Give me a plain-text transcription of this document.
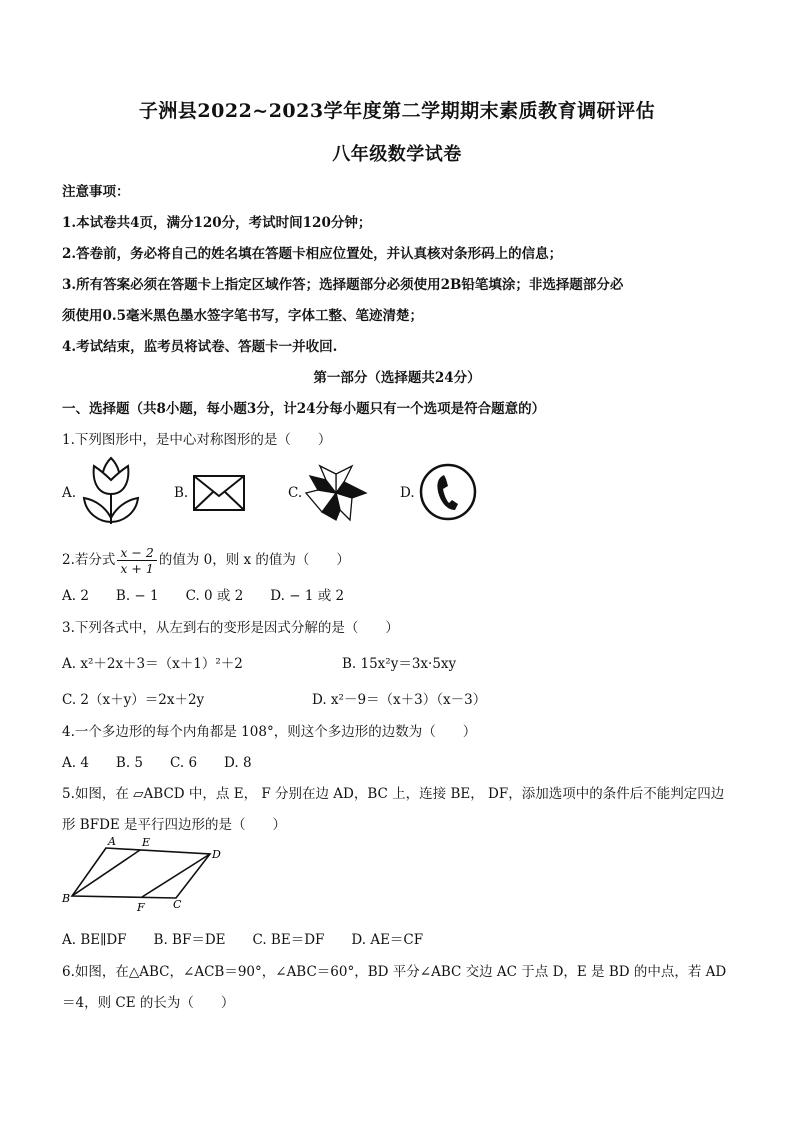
子洲县2022~2023学年度第二学期期末素质教育调研评估
八年级数学试卷
注意事项：
1.本试卷共4页，满分120分，考试时间120分钟；
2.答卷前，务必将自己的姓名填在答题卡相应位置处，并认真核对条形码上的信息；
3.所有答案必须在答题卡上指定区域作答；选择题部分必须使用2B铅笔填涂；非选择题部分必
须使用0.5毫米黑色墨水签字笔书写，字体工整、笔迹清楚；
4.考试结束，监考员将试卷、答题卡一并收回.
第一部分（选择题共24分）
一、选择题（共8小题，每小题3分，计24分每小题只有一个选项是符合题意的）
1.下列图形中，是中心对称图形的是（　　）
A.	B.	C.	D.
2.若分式 $\frac{x - 2}{x + 1}$ 的值为 0，则 x 的值为（　　）
A. 2　　B. − 1　　C. 0 或 2　　D. − 1 或 2
3.下列各式中，从左到右的变形是因式分解的是（　　）
A. x²＋2x＋3＝（x＋1）²＋2	B. 15x²y＝3x·5xy
C. 2（x＋y）＝2x＋2y	D. x²－9＝（x＋3）（x－3）
4.一个多边形的每个内角都是 108°，则这个多边形的边数为（　　）
A. 4　　B. 5　　C. 6　　D. 8
5.如图，在 ▱ABCD 中，点 E， F 分别在边 AD，BC 上，连接 BE， DF，添加选项中的条件后不能判定四边
形 BFDE 是平行四边形的是（　　）
A E
D
B
F	C
A. BE∥DF　　B. BF＝DE　　C. BE＝DF　　D. AE＝CF
6.如图，在△ABC，∠ACB＝90°，∠ABC＝60°，BD 平分∠ABC 交边 AC 于点 D，E 是 BD 的中点，若 AD
＝4，则 CE 的长为（　　）
